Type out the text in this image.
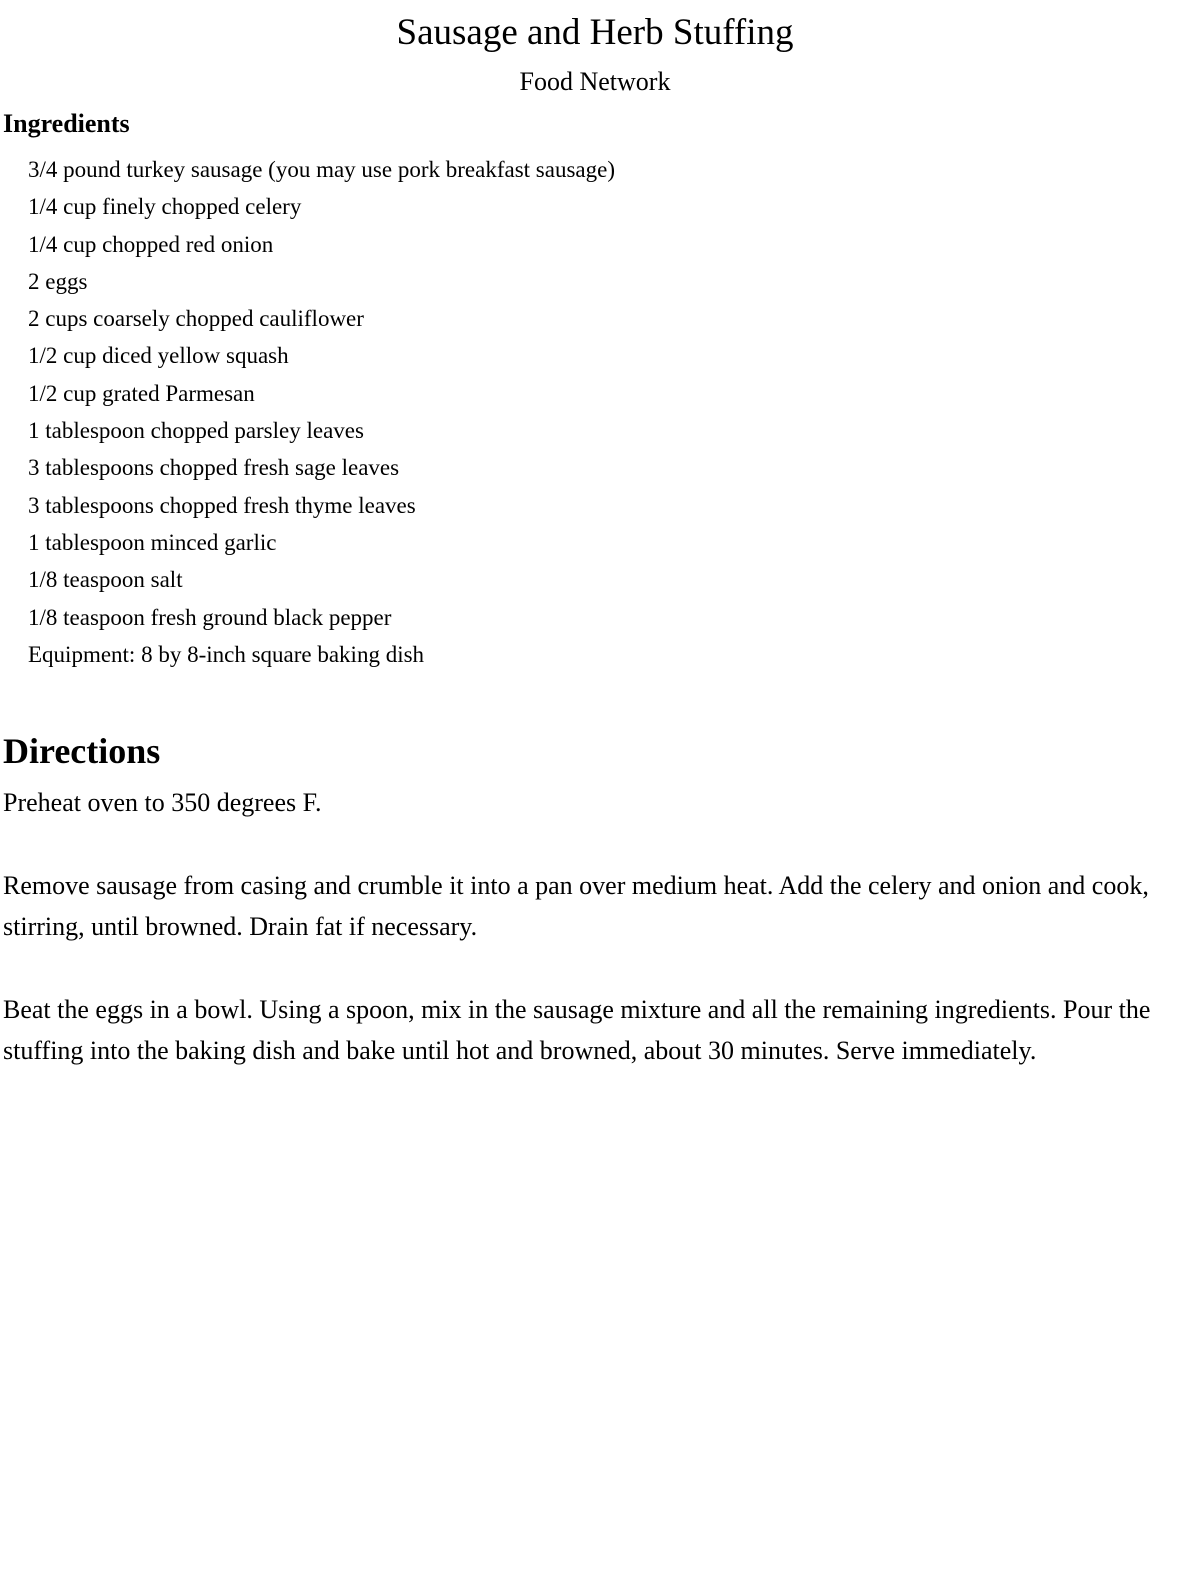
Sausage and Herb Stuffing
Food Network
Ingredients
3/4 pound turkey sausage (you may use pork breakfast sausage)
1/4 cup finely chopped celery
1/4 cup chopped red onion
2 eggs
2 cups coarsely chopped cauliflower
1/2 cup diced yellow squash
1/2 cup grated Parmesan
1 tablespoon chopped parsley leaves
3 tablespoons chopped fresh sage leaves
3 tablespoons chopped fresh thyme leaves
1 tablespoon minced garlic
1/8 teaspoon salt
1/8 teaspoon fresh ground black pepper
Equipment: 8 by 8-inch square baking dish
Directions

Preheat oven to 350 degrees F.

Remove sausage from casing and crumble it into a pan over medium heat. Add the celery and onion and cook, stirring, until browned. Drain fat if necessary.

Beat the eggs in a bowl. Using a spoon, mix in the sausage mixture and all the remaining ingredients. Pour the stuffing into the baking dish and bake until hot and browned, about 30 minutes. Serve immediately.
